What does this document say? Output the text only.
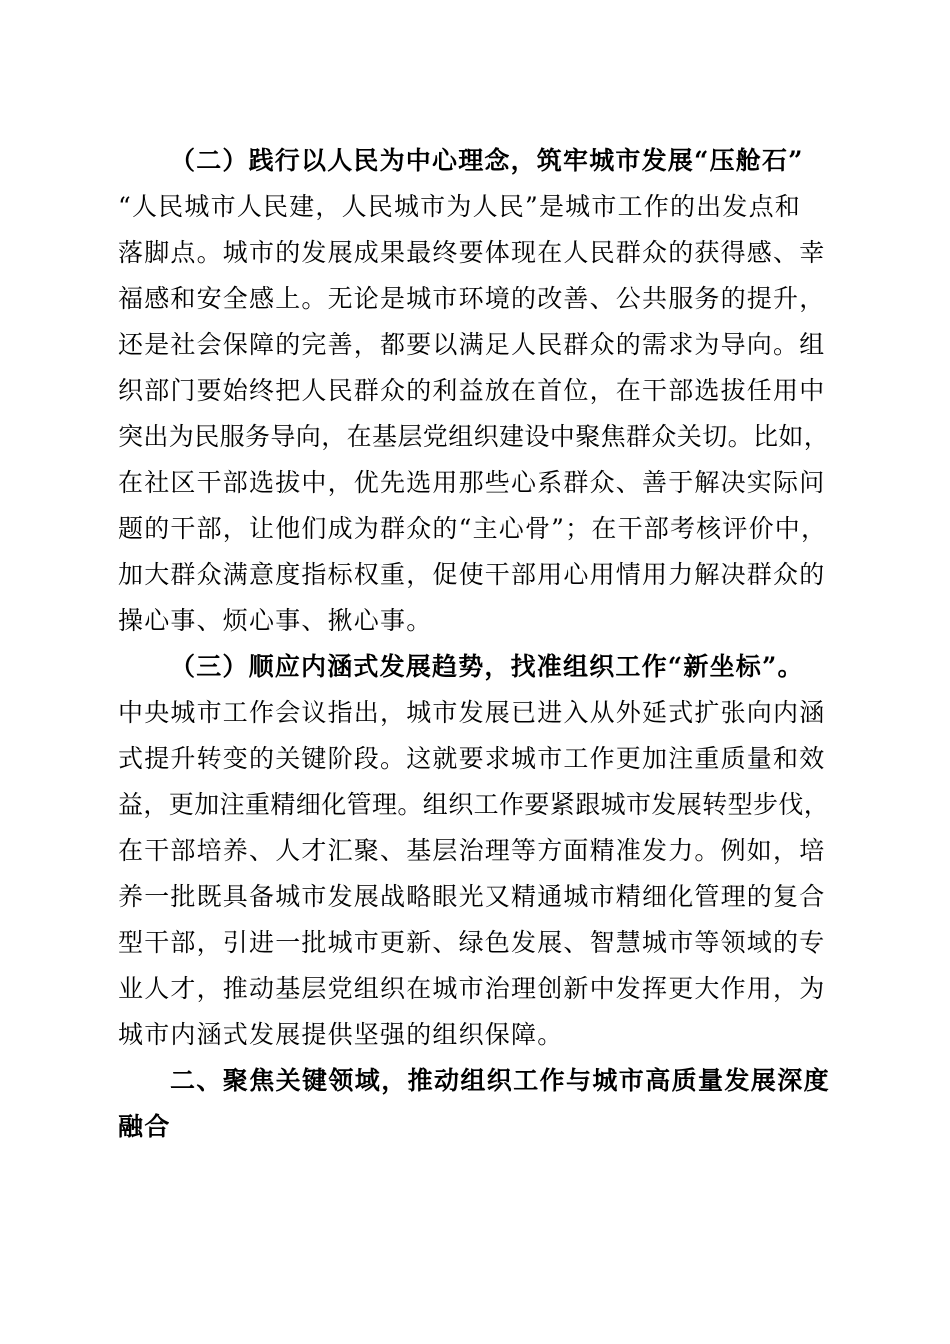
（二）践行以人民为中心理念，筑牢城市发展“压舱石”
“人民城市人民建，人民城市为人民”是城市工作的出发点和
落脚点。城市的发展成果最终要体现在人民群众的获得感、幸
福感和安全感上。无论是城市环境的改善、公共服务的提升，
还是社会保障的完善，都要以满足人民群众的需求为导向。组
织部门要始终把人民群众的利益放在首位，在干部选拔任用中
突出为民服务导向，在基层党组织建设中聚焦群众关切。比如，
在社区干部选拔中，优先选用那些心系群众、善于解决实际问
题的干部，让他们成为群众的“主心骨”；在干部考核评价中，
加大群众满意度指标权重，促使干部用心用情用力解决群众的
操心事、烦心事、揪心事。
（三）顺应内涵式发展趋势，找准组织工作“新坐标”。
中央城市工作会议指出，城市发展已进入从外延式扩张向内涵
式提升转变的关键阶段。这就要求城市工作更加注重质量和效
益，更加注重精细化管理。组织工作要紧跟城市发展转型步伐，
在干部培养、人才汇聚、基层治理等方面精准发力。例如，培
养一批既具备城市发展战略眼光又精通城市精细化管理的复合
型干部，引进一批城市更新、绿色发展、智慧城市等领域的专
业人才，推动基层党组织在城市治理创新中发挥更大作用，为
城市内涵式发展提供坚强的组织保障。
二、聚焦关键领域，推动组织工作与城市高质量发展深度
融合
